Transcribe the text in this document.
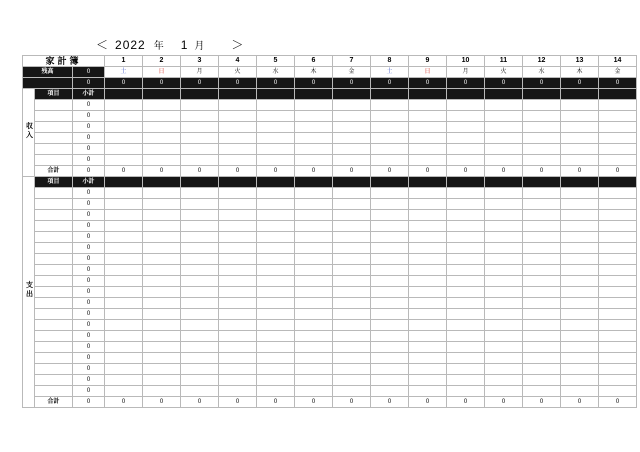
＜ 2022 年	1 月	＞
家計簿			1	2	3	4	5	6	7	8	9	10	11	12	13	14
残高		0	土	日	月	火	水	木	金	土	日	月	火	水	木	金
		0	0	0	0	0	0	0	0	0	0	0	0	0	0	0
収入	項目	小計														
		0														
		0														
		0														
		0														
		0														
		0														
	合計	0	0	0	0	0	0	0	0	0	0	0	0	0	0	0
支出	項目	小計														
		0														
		0														
		0														
		0														
		0														
		0														
		0														
		0														
		0														
		0														
		0														
		0														
		0														
		0														
		0														
		0														
		0														
		0														
		0														
	合計	0	0	0	0	0	0	0	0	0	0	0	0	0	0	0
